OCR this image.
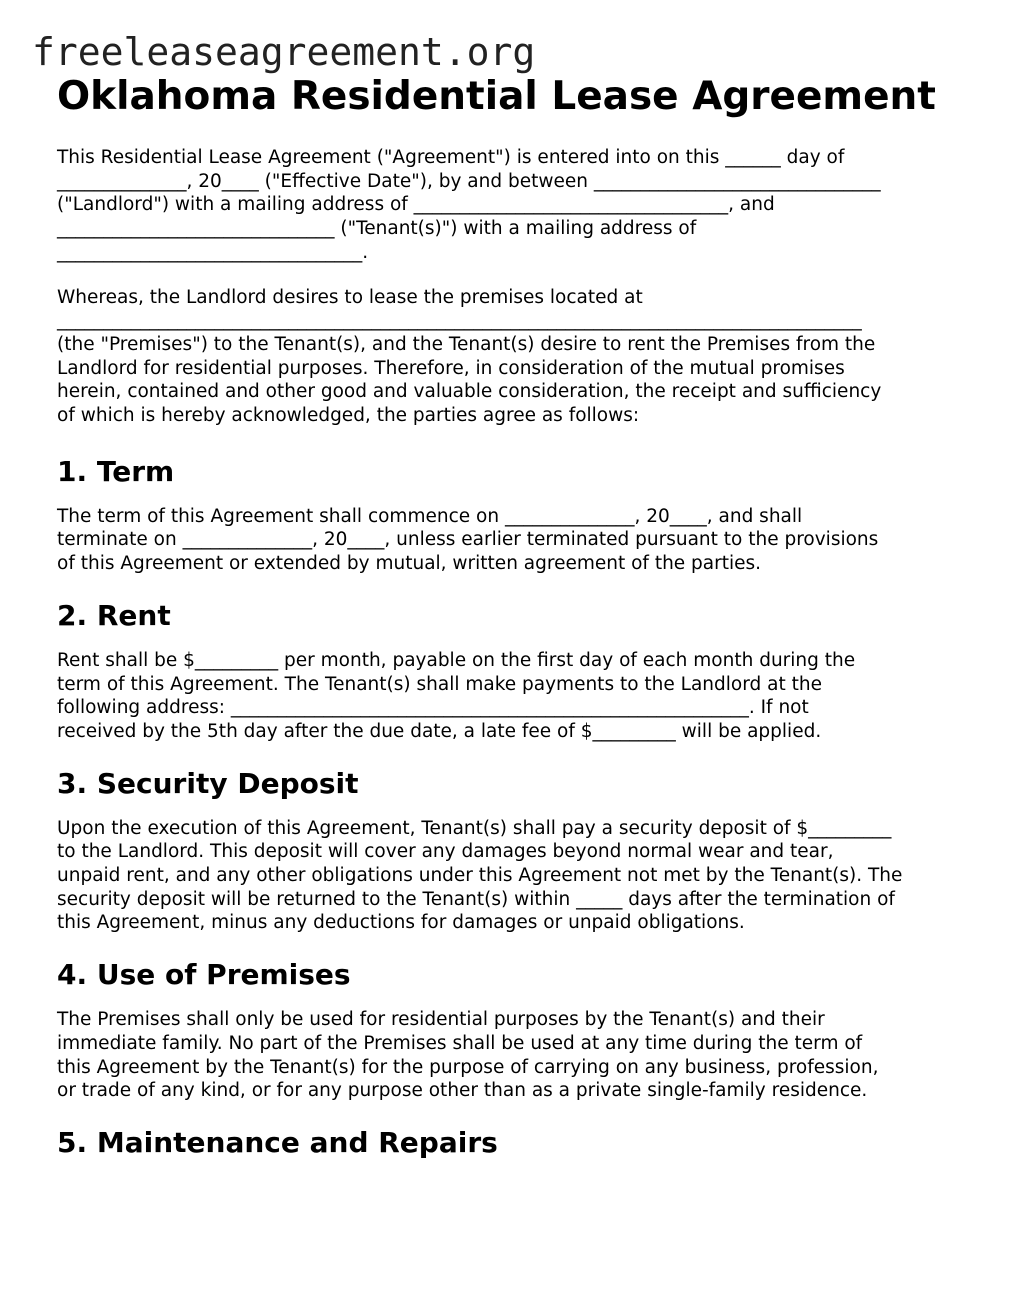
freeleaseagreement.org
Oklahoma Residential Lease Agreement

This Residential Lease Agreement ("Agreement") is entered into on this ______ day of
______________, 20____ ("Effective Date"), by and between _______________________________
("Landlord") with a mailing address of __________________________________, and
______________________________ ("Tenant(s)") with a mailing address of
_________________________________.

Whereas, the Landlord desires to lease the premises located at
_______________________________________________________________________________________
(the "Premises") to the Tenant(s), and the Tenant(s) desire to rent the Premises from the
Landlord for residential purposes. Therefore, in consideration of the mutual promises
herein, contained and other good and valuable consideration, the receipt and sufficiency
of which is hereby acknowledged, the parties agree as follows:

1. Term

The term of this Agreement shall commence on ______________, 20____, and shall
terminate on ______________, 20____, unless earlier terminated pursuant to the provisions
of this Agreement or extended by mutual, written agreement of the parties.

2. Rent

Rent shall be $_________ per month, payable on the first day of each month during the
term of this Agreement. The Tenant(s) shall make payments to the Landlord at the
following address: ________________________________________________________. If not
received by the 5th day after the due date, a late fee of $_________ will be applied.

3. Security Deposit

Upon the execution of this Agreement, Tenant(s) shall pay a security deposit of $_________
to the Landlord. This deposit will cover any damages beyond normal wear and tear,
unpaid rent, and any other obligations under this Agreement not met by the Tenant(s). The
security deposit will be returned to the Tenant(s) within _____ days after the termination of
this Agreement, minus any deductions for damages or unpaid obligations.

4. Use of Premises

The Premises shall only be used for residential purposes by the Tenant(s) and their
immediate family. No part of the Premises shall be used at any time during the term of
this Agreement by the Tenant(s) for the purpose of carrying on any business, profession,
or trade of any kind, or for any purpose other than as a private single-family residence.

5. Maintenance and Repairs
